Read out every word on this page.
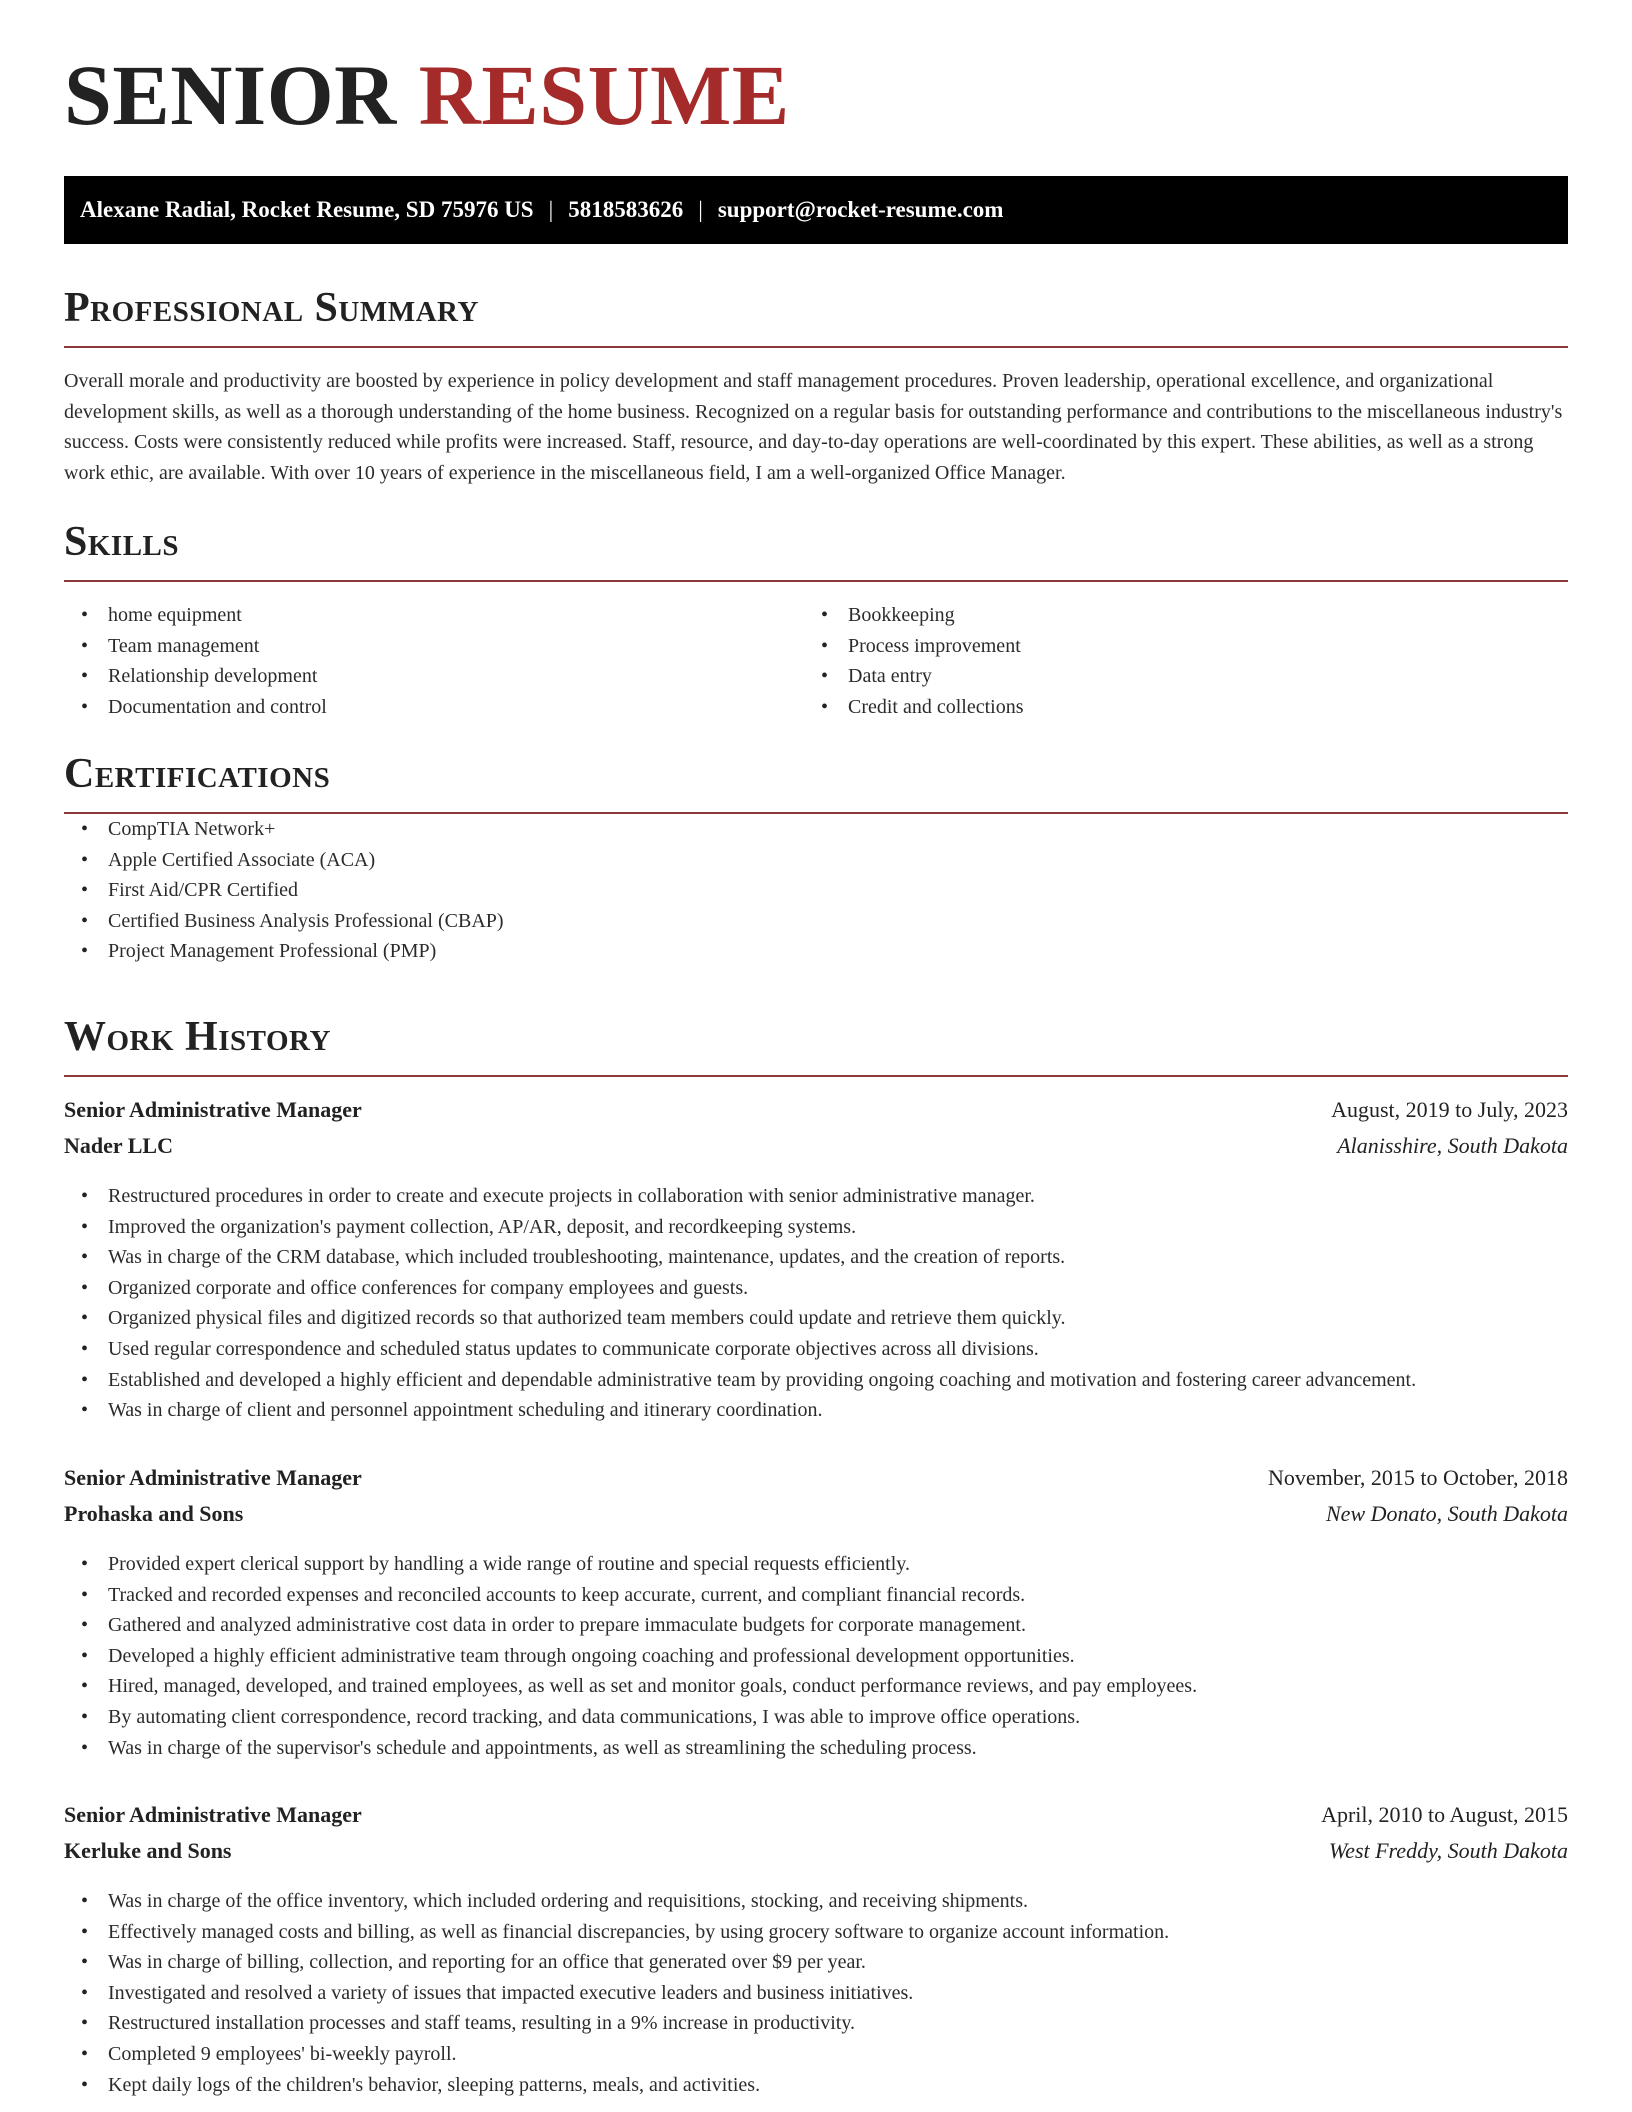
SENIOR RESUME
Alexane Radial, Rocket Resume, SD 75976 US | 5818583626 | support@rocket-resume.com
Professional Summary

Overall morale and productivity are boosted by experience in policy development and staff management procedures. Proven leadership, operational excellence, and organizational development skills, as well as a thorough understanding of the home business. Recognized on a regular basis for outstanding performance and contributions to the miscellaneous industry's success. Costs were consistently reduced while profits were increased. Staff, resource, and day-to-day operations are well-coordinated by this expert. These abilities, as well as a strong work ethic, are available. With over 10 years of experience in the miscellaneous field, I am a well-organized Office Manager.

Skills
• home equipment
• Team management
• Relationship development
• Documentation and control
• Bookkeeping
• Process improvement
• Data entry
• Credit and collections
Certifications
• CompTIA Network+
• Apple Certified Associate (ACA)
• First Aid/CPR Certified
• Certified Business Analysis Professional (CBAP)
• Project Management Professional (PMP)
Work History
Senior Administrative Manager	August, 2019 to July, 2023
Nader LLC	Alanisshire, South Dakota
• Restructured procedures in order to create and execute projects in collaboration with senior administrative manager.
• Improved the organization's payment collection, AP/AR, deposit, and recordkeeping systems.
• Was in charge of the CRM database, which included troubleshooting, maintenance, updates, and the creation of reports.
• Organized corporate and office conferences for company employees and guests.
• Organized physical files and digitized records so that authorized team members could update and retrieve them quickly.
• Used regular correspondence and scheduled status updates to communicate corporate objectives across all divisions.
• Established and developed a highly efficient and dependable administrative team by providing ongoing coaching and motivation and fostering career advancement.
• Was in charge of client and personnel appointment scheduling and itinerary coordination.
Senior Administrative Manager	November, 2015 to October, 2018
Prohaska and Sons	New Donato, South Dakota
• Provided expert clerical support by handling a wide range of routine and special requests efficiently.
• Tracked and recorded expenses and reconciled accounts to keep accurate, current, and compliant financial records.
• Gathered and analyzed administrative cost data in order to prepare immaculate budgets for corporate management.
• Developed a highly efficient administrative team through ongoing coaching and professional development opportunities.
• Hired, managed, developed, and trained employees, as well as set and monitor goals, conduct performance reviews, and pay employees.
• By automating client correspondence, record tracking, and data communications, I was able to improve office operations.
• Was in charge of the supervisor's schedule and appointments, as well as streamlining the scheduling process.
Senior Administrative Manager	April, 2010 to August, 2015
Kerluke and Sons	West Freddy, South Dakota
• Was in charge of the office inventory, which included ordering and requisitions, stocking, and receiving shipments.
• Effectively managed costs and billing, as well as financial discrepancies, by using grocery software to organize account information.
• Was in charge of billing, collection, and reporting for an office that generated over $9 per year.
• Investigated and resolved a variety of issues that impacted executive leaders and business initiatives.
• Restructured installation processes and staff teams, resulting in a 9% increase in productivity.
• Completed 9 employees' bi-weekly payroll.
• Kept daily logs of the children's behavior, sleeping patterns, meals, and activities.
